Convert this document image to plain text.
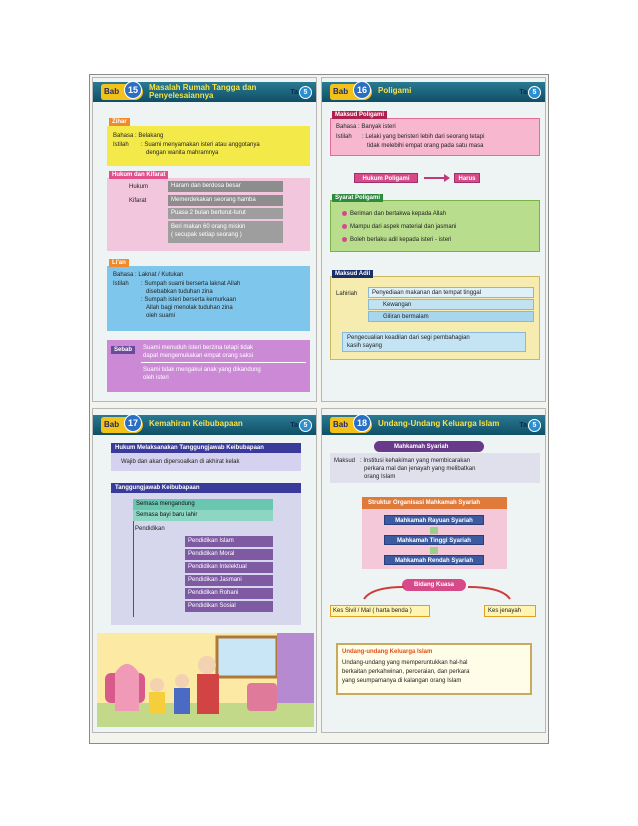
Bab 15	Masalah Rumah Tangga dan
Penyelesaiannya	Ta 5
Zihar
Bahasa : Belakang
Istilah : Suami menyamakan isteri atau anggotanya
dengan wanita mahramnya
Hukum dan Kifarat
Hukum	Haram dan berdosa besar
Kifarat	Memerdekakan seorang hamba
Puasa 2 bulan berturut-turut
Beri makan 60 orang miskin
( secupak setiap seorang )
Li'an
Bahasa : Laknat / Kutukan
Istilah : Sumpah suami berserta laknat Allah
disebabkan tuduhan zina
: Sumpah isteri berserta kemurkaan
Allah bagi menolak tuduhan zina
oleh suami
Sebab	Suami menuduh isteri berzina tetapi tidak
dapat mengemukakan empat orang saksi
Suami tidak mengakui anak yang dikandung
oleh isteri
Bab 16	Poligami	Ta 5
Maksud Poligami
Bahasa : Banyak isteri
Istilah : Lelaki yang beristeri lebih dari seorang tetapi
tidak melebihi empat orang pada satu masa
Hukum Poligami	Harus
Syarat Poligami
Beriman dan bertakwa kepada Allah
Mampu dari aspek material dan jasmani
Boleh berlaku adil kepada isteri - isteri
Maksud Adil
Lahiriah	Penyediaan makanan dan tempat tinggal
Kewangan
Giliran bermalam
Pengecualian keadilan dari segi pembahagian
kasih sayang
Bab 17	Kemahiran Keibubapaan	Ta 5
Hukum Melaksanakan Tanggungjawab Keibubapaan
Wajib dan akan dipersoalkan di akhirat kelak
Tanggungjawab Keibubapaan
Semasa mengandung
Semasa bayi baru lahir
Pendidikan
Pendidikan Islam
Pendidikan Moral
Pendidikan Intelektual
Pendidikan Jasmani
Pendidikan Rohani
Pendidikan Sosial
Bab 18	Undang-Undang Keluarga Islam	Ta 5
Mahkamah Syariah
Maksud : Institusi kehakiman yang membicarakan
perkara mal dan jenayah yang melibatkan
orang Islam
Struktur Organisasi Mahkamah Syariah
Mahkamah Rayuan Syariah
Mahkamah Tinggi Syariah
Mahkamah Rendah Syariah
Bidang Kuasa
Kes Sivil / Mal ( harta benda )	Kes jenayah
Undang-undang Keluarga Islam
Undang-undang yang memperuntukkan hal-hal
berkaitan perkahwinan, perceraian, dan perkara
yang seumpamanya di kalangan orang Islam
